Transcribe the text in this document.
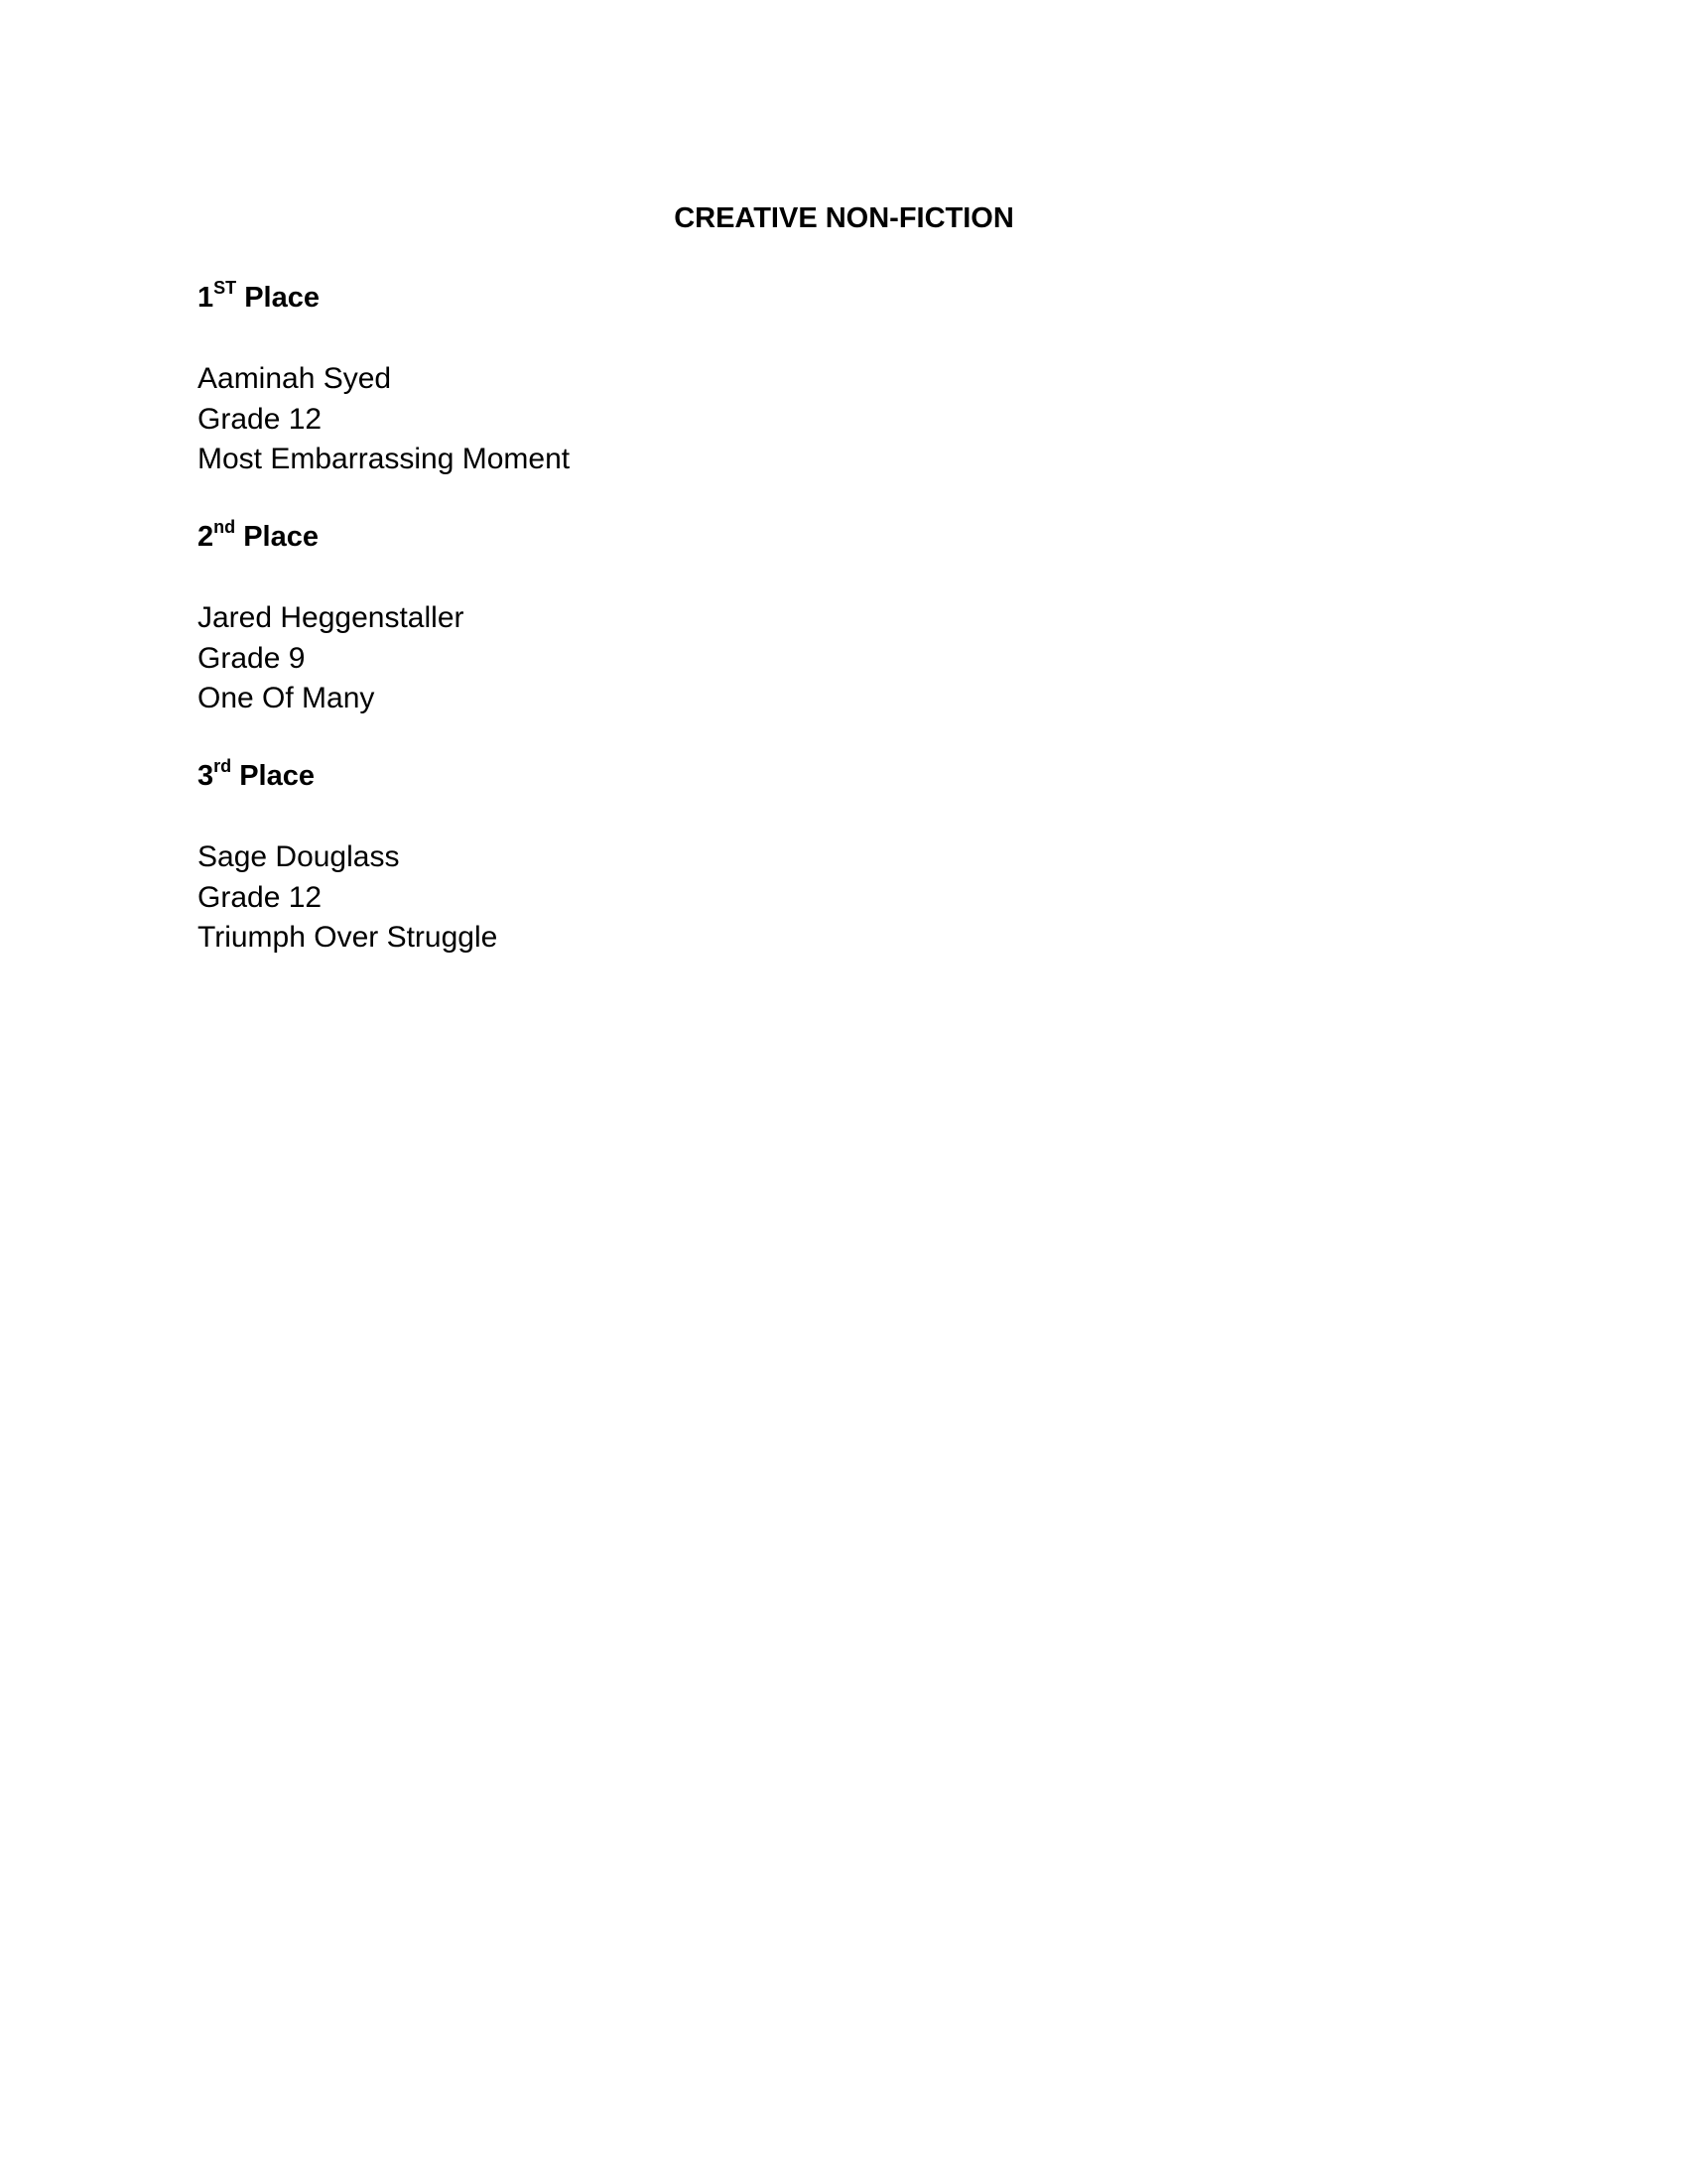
CREATIVE NON-FICTION
1ST Place
Aaminah Syed
Grade 12
Most Embarrassing Moment
2nd Place
Jared Heggenstaller
Grade 9
One Of Many
3rd Place
Sage Douglass
Grade 12
Triumph Over Struggle
